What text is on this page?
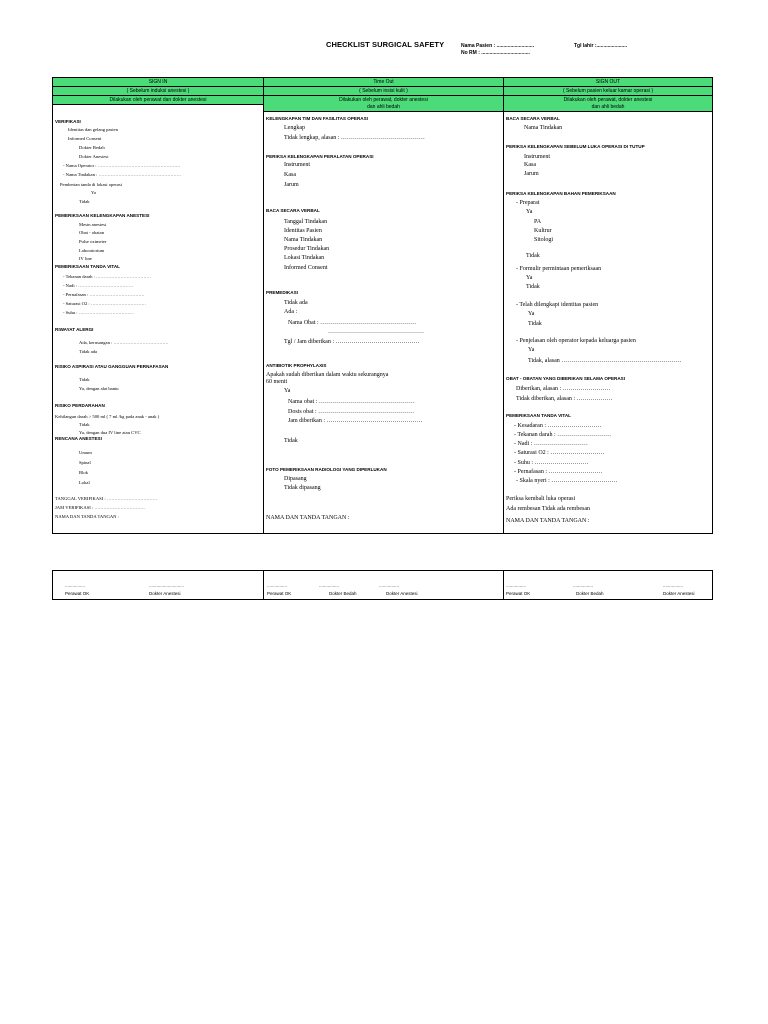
CHECKLIST SURGICAL SAFETY	Nama Pasien : ...........................	Tgl lahir :......................
No RM : ...................................
SIGN IN
( Sebelum induksi anestesi )
Dilakukan oleh perawat dan dokter anestesi
VERIFIKASI
Identitas dan gelang pasien
Informed Consent
Dokter Bedah
Dokter Anestesi
- Nama Operator : ………………………………………………
- Nama Tindakan : ………………………………………………
Pemberian tanda di lokasi operasi
Ya
Tidak
PEMERIKSAAN KELENGKAPAN ANESTESI
Mesin anestesi
Obat - obatan
Pulse oximeter
Laboratorium
IV line
PEMERIKSAAN TANDA VITAL
- Tekanan darah : ………………………………
- Nadi : ………………………………
- Pernafasan : ………………………………
- Saturasi O2 : ………………………………
- Suhu : ………………………………
RIWAYAT ALERGI
Ada, kerusangan : ………………………………
Tidak ada
RISIKO ASPIRASI ATAU GANGGUAN PERNAFASAN
Tidak
Ya, dengan alat bantu
RISIKO PERDARAHAN
Kehilangan darah > 500 ml ( 7 ml /kg pada anak - anak )
Tidak
Ya, dengan dua IV line atau CVC
RENCANA ANESTESI
Umum
Spinal
Blok
Lokal
TANGGAL VERIFIKASI : ……………………………
JAM VERIFIKASI : ……………………………
NAMA DAN TANDA TANGAN :
Time Out
( Sebelum insisi kulit )
Dilakukan oleh perawat, dokter anestesi
dan ahli bedah
KELENGKAPAN TIM DAN FASILITAS OPERASI
Lengkap
Tidak lengkap, alasan : ……………………………………
PERIKSA KELENGKAPAN PERALATAN OPERASI
Instrument
Kasa
Jarum
BACA SECARA VERBAL
Tanggal Tindakan
Identitas Pasien
Nama Tindakan
Prosedur Tindakan
Lokasi Tindakan
Informed Consent
PREMEDIKASI
Tidak ada
Ada :
Nama Obat : …………………………………………
…………………………………………
Tgl / Jam diberikan : ……………………………………
ANTIBIOTIK PROPHYLAXIS
Apakah sudah diberikan dalam waktu sekurangnya
60 menit
Ya
Nama obat : …………………………………………
Dosis obat : …………………………………………
Jam diberikan : …………………………………………
Tidak
FOTO PEMERIKSAAN RADIOLOGI YANG DIPERLUKAN
Dipasang
Tidak dipasang
NAMA DAN TANDA TANGAN :
SIGN OUT
( Sebelum pasien keluar kamar operasi )
Dilakukan oleh perawat, dokter anestesi
dan ahli bedah
BACA SECARA VERBAL
Nama Tindakan
PERIKSA KELENGKAPAN SEBELUM LUKA OPERASI DI TUTUP
Instrument
Kasa
Jarum
PERIKSA KELENGKAPAN BAHAN PEMERIKSAAN
- Preparat
Ya
PA
Kultrur
Sitologi
Tidak
- Formulir permintaan pemeriksaan
Ya
Tidak
- Telah dilengkapi identitas pasien
Ya
Tidak
- Penjelasan oleh operator kepada keluarga pasien
Ya
Tidak, alasan ……………………………………………………
OBAT - OBATAN YANG DIBERIKAN SELAMA OPERASI
Diberikan, alasan : ……………………
Tidak diberikan, alasan : ………………
PEMERIKSAAN TANDA VITAL
- Kesadaran : ………………………
- Tekanan darah : ………………………
- Nadi : ………………………
- Saturasi O2 : ………………………
- Suhu : ………………………
- Pernafasan : ………………………
- Skala nyeri : ……………………………
Periksa kembali luka operasi
Ada rembesan Tidak ada rembesan
NAMA DAN TANDA TANGAN :
................	............................
Perawat OK	Dokter Anestesi
................	................	................
Perawat OK	Dokter Bedah	Dokter Anestesi
................	................	................
Perawat OK	Dokter Bedah	Dokter Anestesi
